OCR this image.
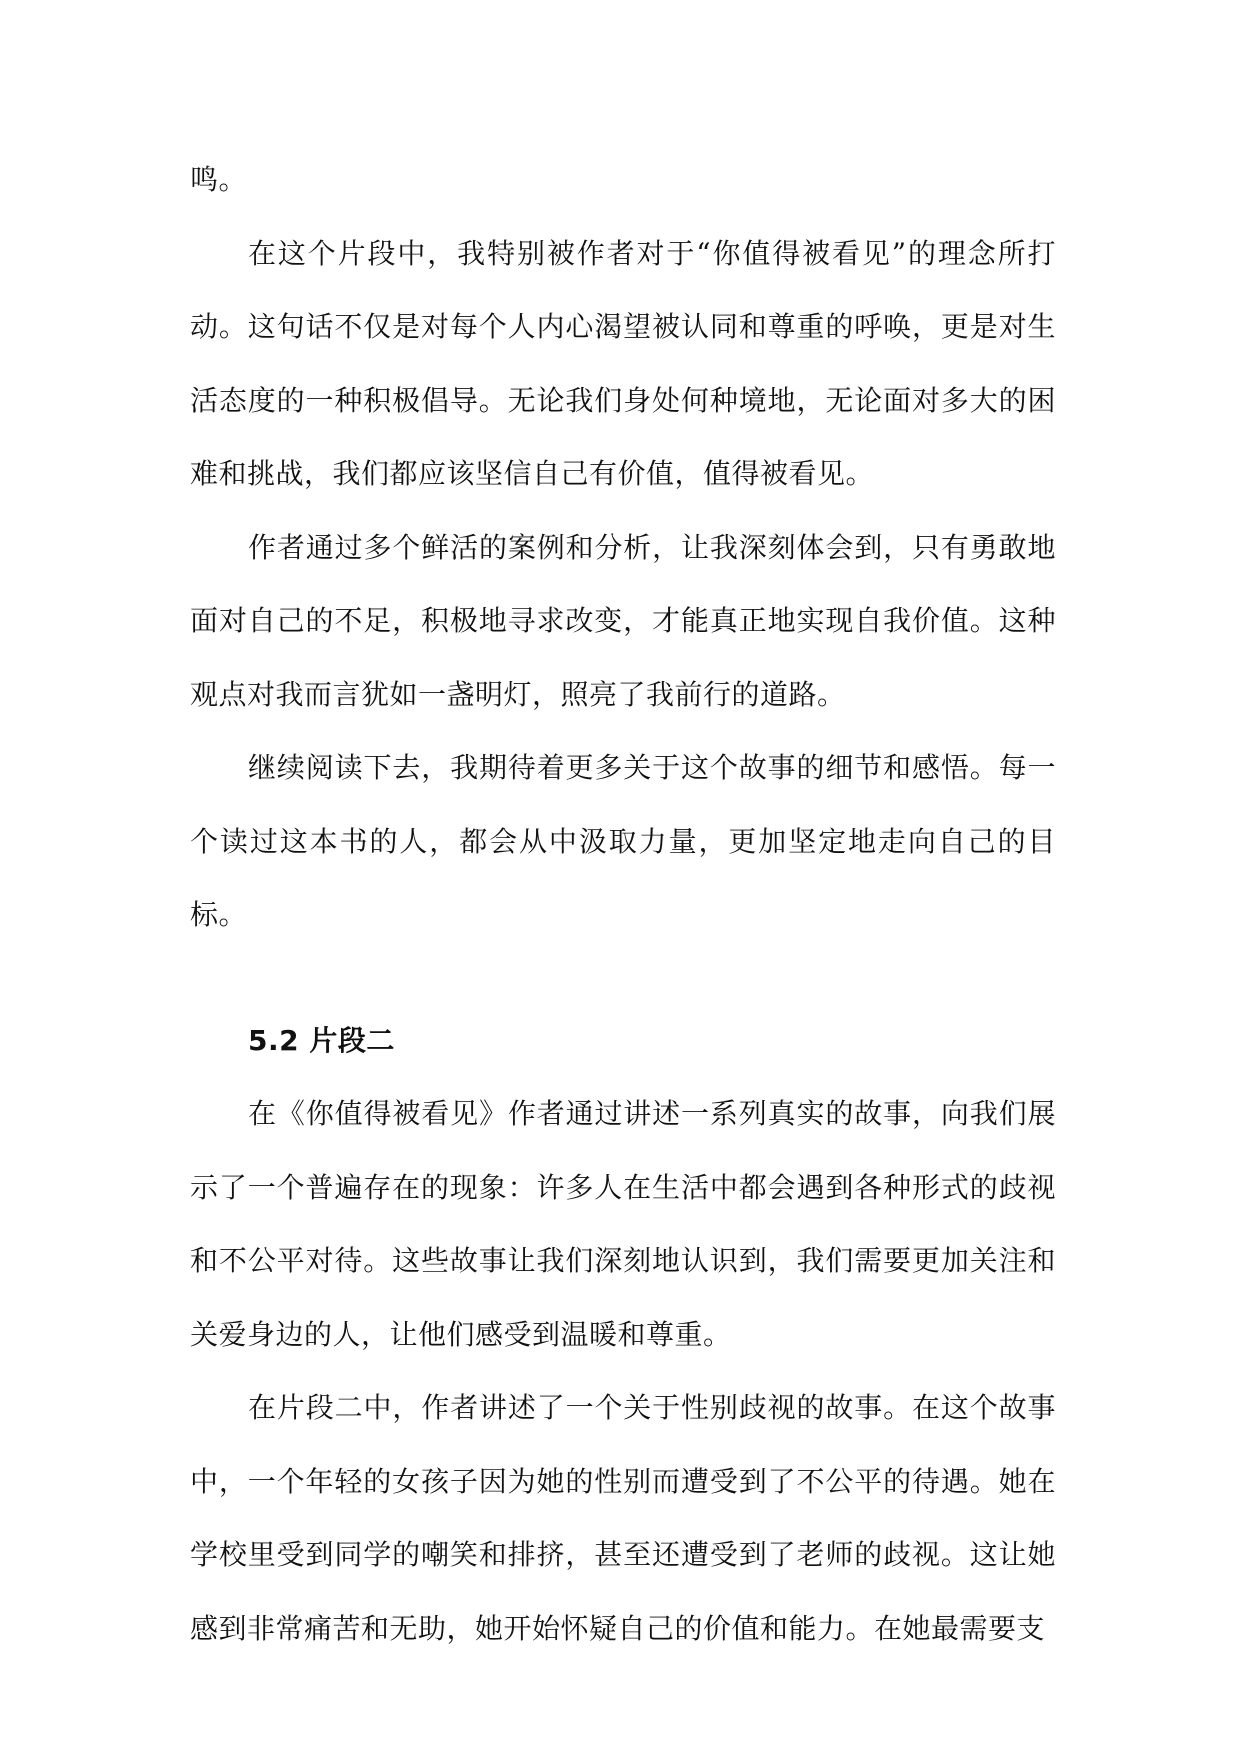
鸣。

在这个片段中，我特别被作者对于“你值得被看见”的理念所打动。这句话不仅是对每个人内心渴望被认同和尊重的呼唤，更是对生活态度的一种积极倡导。无论我们身处何种境地，无论面对多大的困难和挑战，我们都应该坚信自己有价值，值得被看见。

作者通过多个鲜活的案例和分析，让我深刻体会到，只有勇敢地面对自己的不足，积极地寻求改变，才能真正地实现自我价值。这种观点对我而言犹如一盏明灯，照亮了我前行的道路。

继续阅读下去，我期待着更多关于这个故事的细节和感悟。每一个读过这本书的人，都会从中汲取力量，更加坚定地走向自己的目标。

5.2 片段二

在《你值得被看见》作者通过讲述一系列真实的故事，向我们展示了一个普遍存在的现象：许多人在生活中都会遇到各种形式的歧视和不公平对待。这些故事让我们深刻地认识到，我们需要更加关注和关爱身边的人，让他们感受到温暖和尊重。

在片段二中，作者讲述了一个关于性别歧视的故事。在这个故事中，一个年轻的女孩子因为她的性别而遭受到了不公平的待遇。她在学校里受到同学的嘲笑和排挤，甚至还遭受到了老师的歧视。这让她感到非常痛苦和无助，她开始怀疑自己的价值和能力。在她最需要支
